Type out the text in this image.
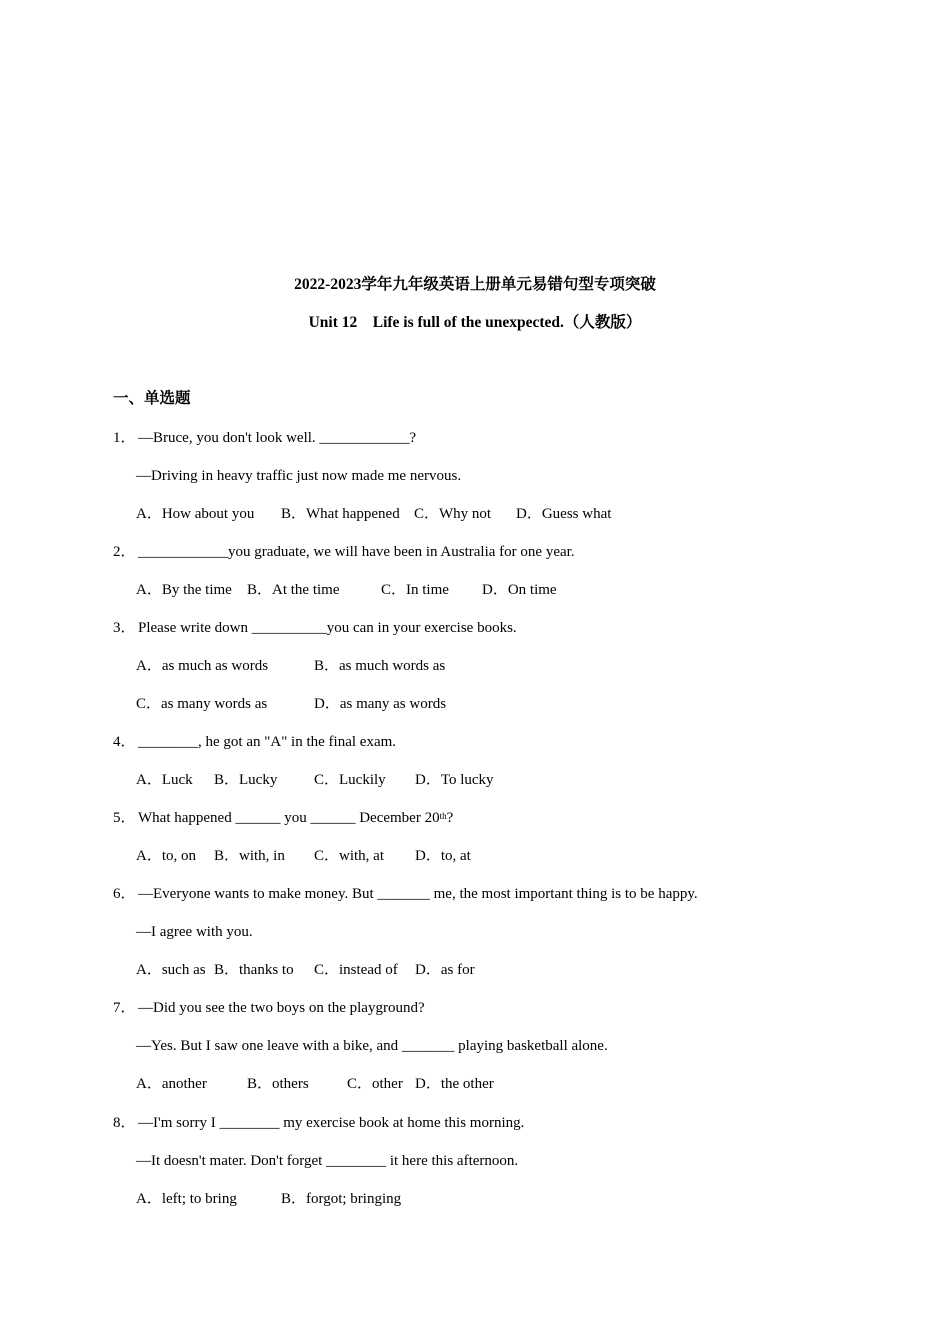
2022-2023学年九年级英语上册单元易错句型专项突破
Unit 12　Life is full of the unexpected.（人教版）
一、单选题
1． —Bruce, you don't look well. ____________?
—Driving in heavy traffic just now made me nervous.
A．How about you B．What happened C．Why not D．Guess what
2． ____________you graduate, we will have been in Australia for one year.
A．By the time B．At the time	C．In time D．On time
3． Please write down __________you can in your exercise books.
A．as much as words	B．as much words as
C．as many words as	D．as many as words
4． ________, he got an "A" in the final exam.
A．Luck B．Lucky C．Luckily D．To lucky
5． What happened ______ you ______ December 20th?
A．to, on B．with, in C．with, at D．to, at
6． —Everyone wants to make money. But _______ me, the most important thing is to be happy.
—I agree with you.
A．such as B．thanks to C．instead of D．as for
7． —Did you see the two boys on the playground?
—Yes. But I saw one leave with a bike, and _______ playing basketball alone.
A．another	B．others	C．other D．the other
8． —I'm sorry I ________ my exercise book at home this morning.
—It doesn't mater. Don't forget ________ it here this afternoon.
A．left; to bring	B．forgot; bringing
